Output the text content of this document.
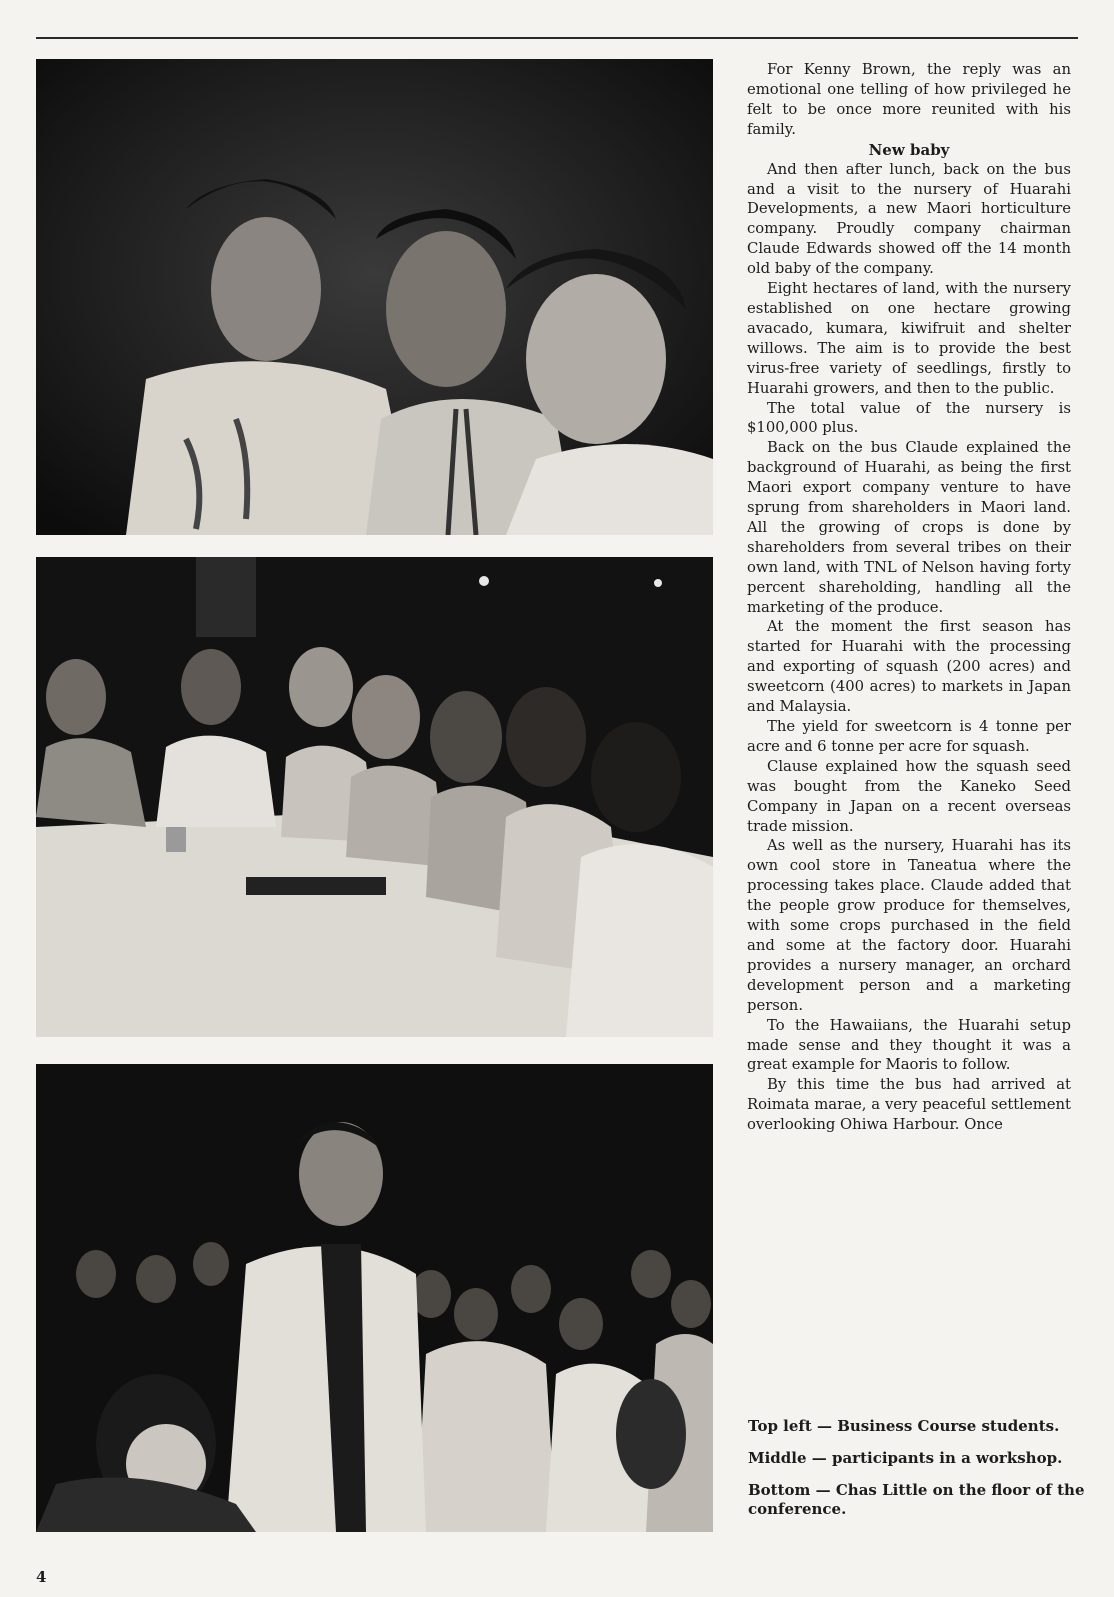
For Kenny Brown, the reply was an emotional one telling of how privileged he felt to be once more reunited with his family.

New baby

And then after lunch, back on the bus and a visit to the nursery of Huarahi Developments, a new Maori horticulture company. Proudly company chairman Claude Edwards showed off the 14 month old baby of the company.

Eight hectares of land, with the nursery established on one hectare growing avacado, kumara, kiwifruit and shelter willows. The aim is to provide the best virus-free variety of seedlings, firstly to Huarahi growers, and then to the public.

The total value of the nursery is $100,000 plus.

Back on the bus Claude explained the background of Huarahi, as being the first Maori export company venture to have sprung from shareholders in Maori land. All the growing of crops is done by shareholders from several tribes on their own land, with TNL of Nelson having forty percent shareholding, handling all the marketing of the produce.

At the moment the first season has started for Huarahi with the processing and exporting of squash (200 acres) and sweetcorn (400 acres) to markets in Japan and Malaysia.

The yield for sweetcorn is 4 tonne per acre and 6 tonne per acre for squash.

Clause explained how the squash seed was bought from the Kaneko Seed Company in Japan on a recent overseas trade mission.

As well as the nursery, Huarahi has its own cool store in Taneatua where the processing takes place. Claude added that the people grow produce for themselves, with some crops purchased in the field and some at the factory door. Huarahi provides a nursery manager, an orchard development person and a marketing person.

To the Hawaiians, the Huarahi setup made sense and they thought it was a great example for Maoris to follow.

By this time the bus had arrived at Roimata marae, a very peaceful settlement overlooking Ohiwa Harbour. Once

Top left — Business Course students.

Middle — participants in a workshop.

Bottom — Chas Little on the floor of the conference.

4
